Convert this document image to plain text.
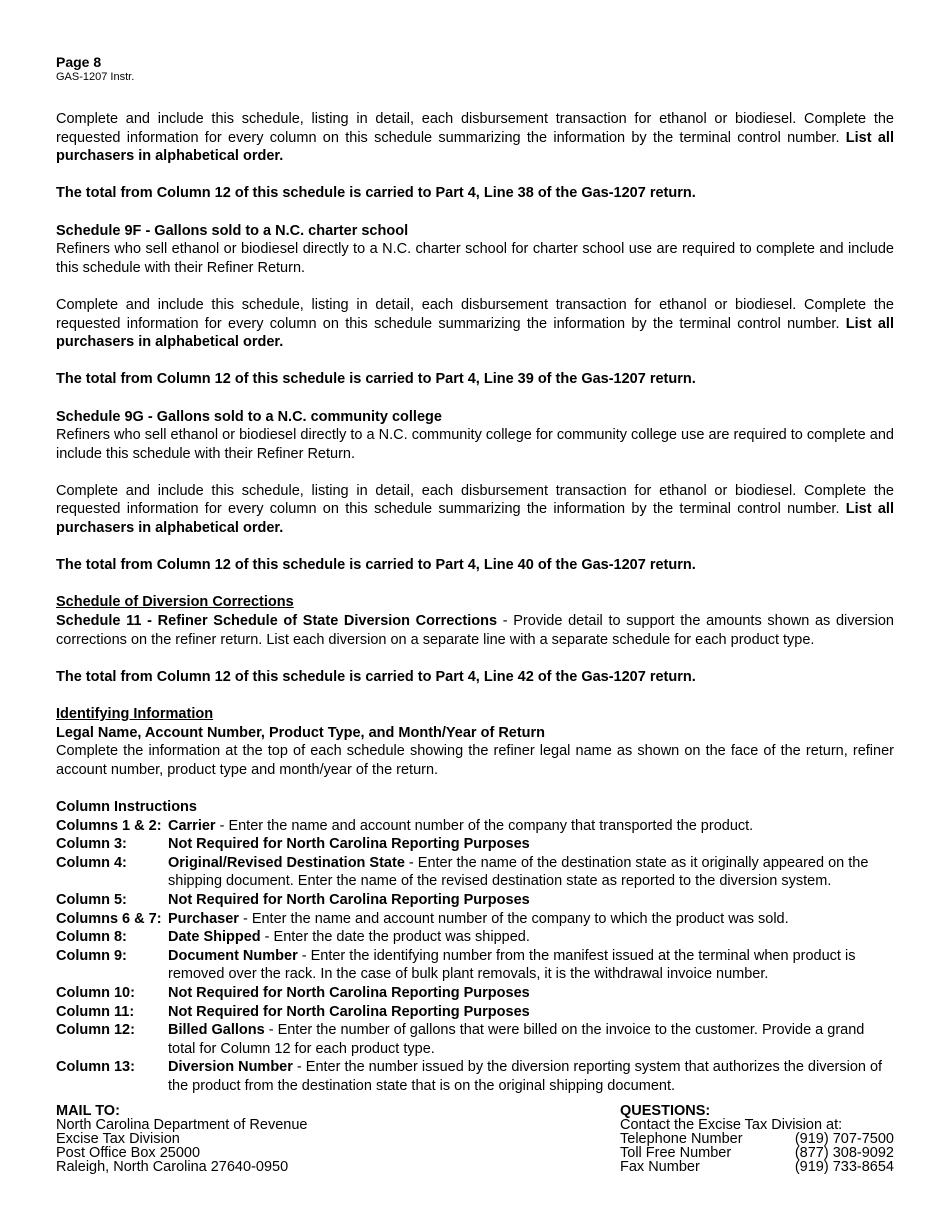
Page 8
GAS-1207 Instr.

Complete and include this schedule, listing in detail, each disbursement transaction for ethanol or biodiesel. Complete the requested information for every column on this schedule summarizing the information by the terminal control number. List all purchasers in alphabetical order.

The total from Column 12 of this schedule is carried to Part 4, Line 38 of the Gas-1207 return.

Schedule 9F - Gallons sold to a N.C. charter school

Refiners who sell ethanol or biodiesel directly to a N.C. charter school for charter school use are required to complete and include this schedule with their Refiner Return.

Complete and include this schedule, listing in detail, each disbursement transaction for ethanol or biodiesel. Complete the requested information for every column on this schedule summarizing the information by the terminal control number. List all purchasers in alphabetical order.

The total from Column 12 of this schedule is carried to Part 4, Line 39 of the Gas-1207 return.

Schedule 9G - Gallons sold to a N.C. community college

Refiners who sell ethanol or biodiesel directly to a N.C. community college for community college use are required to complete and include this schedule with their Refiner Return.

Complete and include this schedule, listing in detail, each disbursement transaction for ethanol or biodiesel. Complete the requested information for every column on this schedule summarizing the information by the terminal control number. List all purchasers in alphabetical order.

The total from Column 12 of this schedule is carried to Part 4, Line 40 of the Gas-1207 return.

Schedule of Diversion Corrections

Schedule 11 - Refiner Schedule of State Diversion Corrections - Provide detail to support the amounts shown as diversion corrections on the refiner return. List each diversion on a separate line with a separate schedule for each product type.

The total from Column 12 of this schedule is carried to Part 4, Line 42 of the Gas-1207 return.

Identifying Information

Legal Name, Account Number, Product Type, and Month/Year of Return

Complete the information at the top of each schedule showing the refiner legal name as shown on the face of the return, refiner account number, product type and month/year of the return.

Column Instructions

Columns 1 & 2: Carrier - Enter the name and account number of the company that transported the product.
Column 3:	Not Required for North Carolina Reporting Purposes
Column 4:	Original/Revised Destination State - Enter the name of the destination state as it originally appeared on the shipping document. Enter the name of the revised destination state as reported to the diversion system.
Column 5:	Not Required for North Carolina Reporting Purposes
Columns 6 & 7: Purchaser - Enter the name and account number of the company to which the product was sold.
Column 8:	Date Shipped - Enter the date the product was shipped.
Column 9:	Document Number - Enter the identifying number from the manifest issued at the terminal when product is removed over the rack. In the case of bulk plant removals, it is the withdrawal invoice number.
Column 10:	Not Required for North Carolina Reporting Purposes
Column 11:	Not Required for North Carolina Reporting Purposes
Column 12:	Billed Gallons - Enter the number of gallons that were billed on the invoice to the customer. Provide a grand total for Column 12 for each product type.
Column 13:	Diversion Number - Enter the number issued by the diversion reporting system that authorizes the diversion of the product from the destination state that is on the original shipping document.
MAIL TO:
North Carolina Department of Revenue
Excise Tax Division
Post Office Box 25000
Raleigh, North Carolina 27640-0950
QUESTIONS:
Contact the Excise Tax Division at:
Telephone Number	(919) 707-7500
Toll Free Number	(877) 308-9092
Fax Number	(919) 733-8654
